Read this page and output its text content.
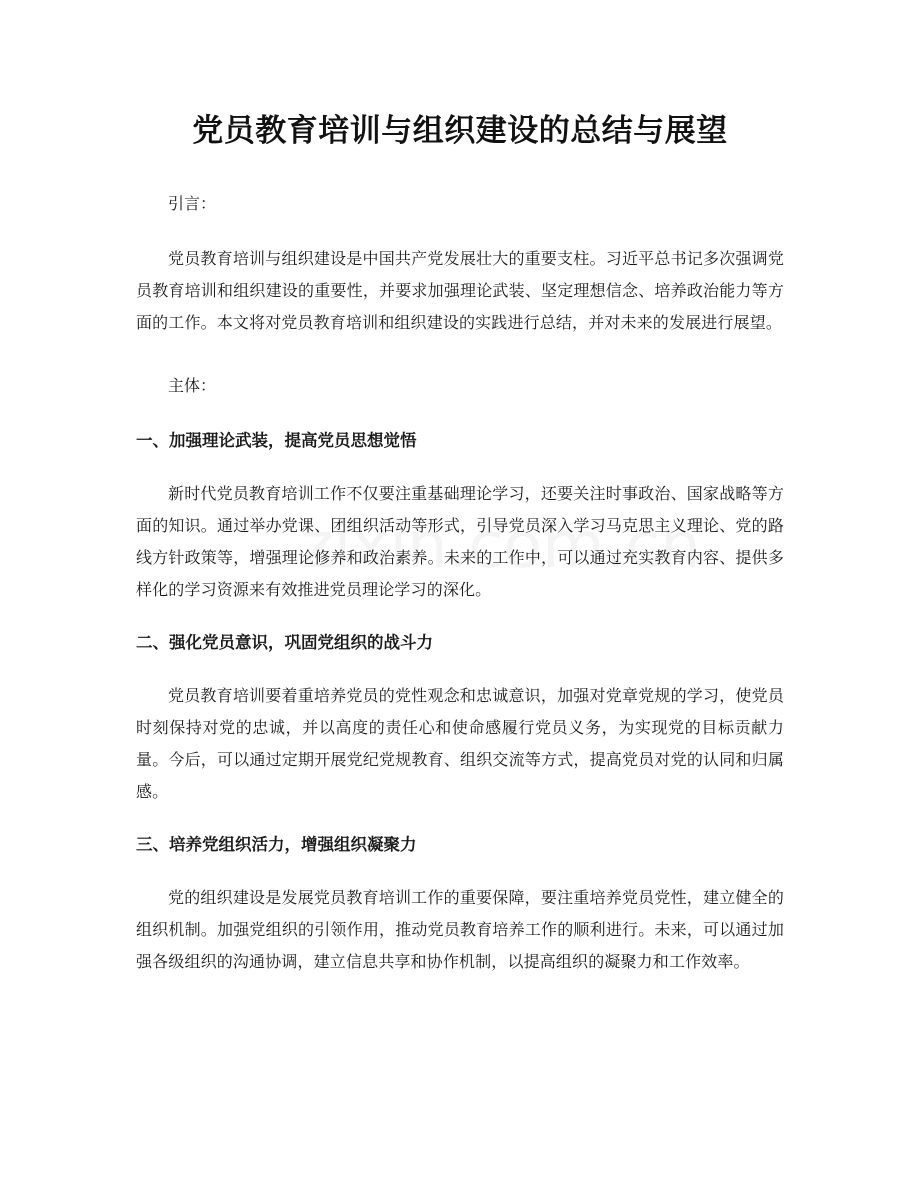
党员教育培训与组织建设的总结与展望

引言：

党员教育培训与组织建设是中国共产党发展壮大的重要支柱。习近平总书记多次强调党员教育培训和组织建设的重要性，并要求加强理论武装、坚定理想信念、培养政治能力等方面的工作。本文将对党员教育培训和组织建设的实践进行总结，并对未来的发展进行展望。

主体：

一、加强理论武装，提高党员思想觉悟

新时代党员教育培训工作不仅要注重基础理论学习，还要关注时事政治、国家战略等方面的知识。通过举办党课、团组织活动等形式，引导党员深入学习马克思主义理论、党的路线方针政策等，增强理论修养和政治素养。未来的工作中，可以通过充实教育内容、提供多样化的学习资源来有效推进党员理论学习的深化。

二、强化党员意识，巩固党组织的战斗力

党员教育培训要着重培养党员的党性观念和忠诚意识，加强对党章党规的学习，使党员时刻保持对党的忠诚，并以高度的责任心和使命感履行党员义务，为实现党的目标贡献力量。今后，可以通过定期开展党纪党规教育、组织交流等方式，提高党员对党的认同和归属感。

三、培养党组织活力，增强组织凝聚力

党的组织建设是发展党员教育培训工作的重要保障，要注重培养党员党性，建立健全的组织机制。加强党组织的引领作用，推动党员教育培养工作的顺利进行。未来，可以通过加强各级组织的沟通协调，建立信息共享和协作机制，以提高组织的凝聚力和工作效率。
